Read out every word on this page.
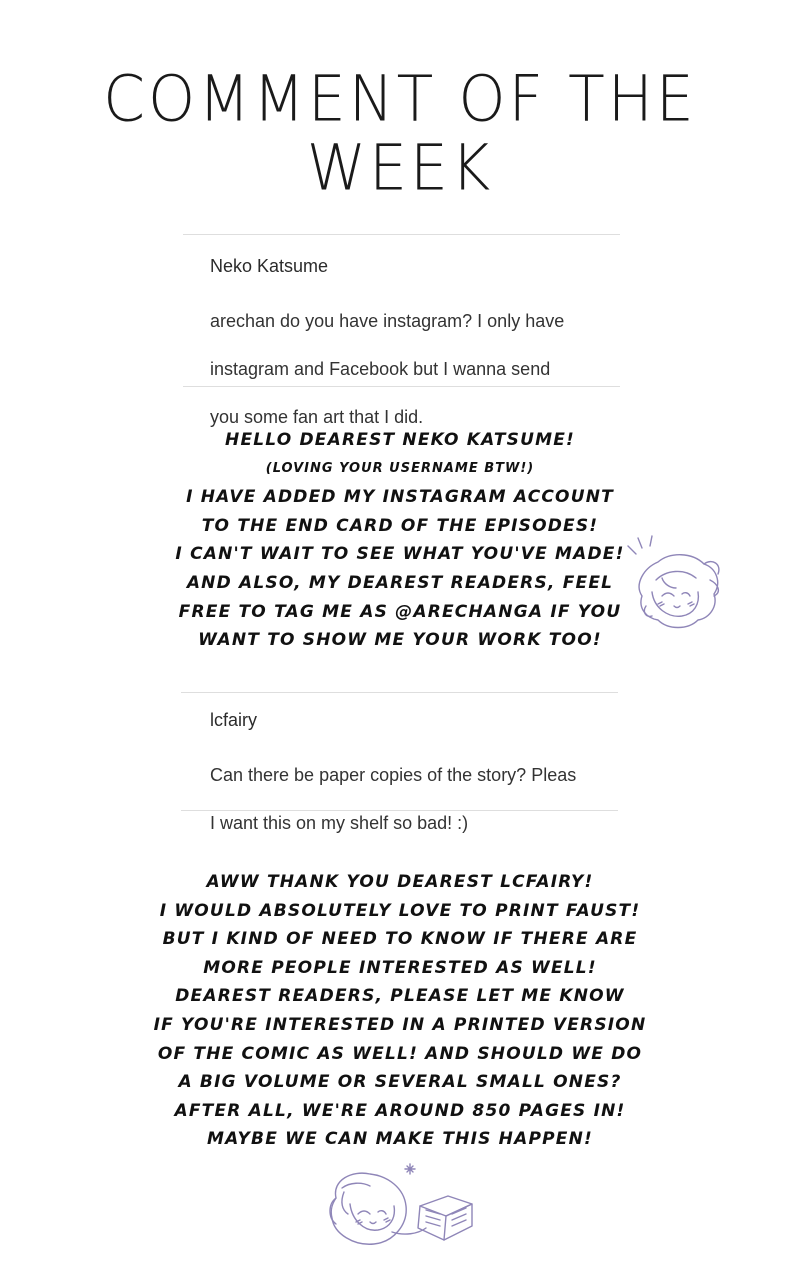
COMMENT OF THE
WEEK
Neko Katsume

arechan do you have instagram? I only have

instagram and Facebook but I wanna send

you some fan art that I did.

HELLO DEAREST NEKO KATSUME!
(LOVING YOUR USERNAME BTW!)
I HAVE ADDED MY INSTAGRAM ACCOUNT
TO THE END CARD OF THE EPISODES!
I CAN'T WAIT TO SEE WHAT YOU'VE MADE!
AND ALSO, MY DEAREST READERS, FEEL
FREE TO TAG ME AS @ARECHANGA IF YOU
WANT TO SHOW ME YOUR WORK TOO!
lcfairy

Can there be paper copies of the story? Pleas

I want this on my shelf so bad! :)

AWW THANK YOU DEAREST LCFAIRY!
I WOULD ABSOLUTELY LOVE TO PRINT FAUST!
BUT I KIND OF NEED TO KNOW IF THERE ARE
MORE PEOPLE INTERESTED AS WELL!
DEAREST READERS, PLEASE LET ME KNOW
IF YOU'RE INTERESTED IN A PRINTED VERSION
OF THE COMIC AS WELL! AND SHOULD WE DO
A BIG VOLUME OR SEVERAL SMALL ONES?
AFTER ALL, WE'RE AROUND 850 PAGES IN!
MAYBE WE CAN MAKE THIS HAPPEN!
